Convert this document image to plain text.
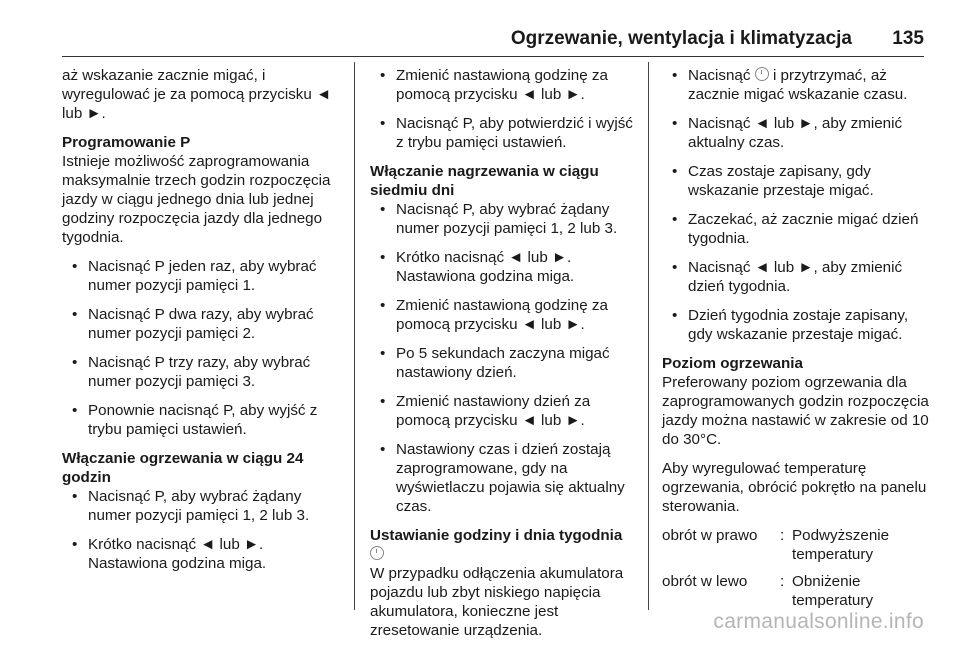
Ogrzewanie, wentylacja i klimatyzacja 135

aż wskazanie zacznie migać, i wyregulować je za pomocą przycisku ◄ lub ►.

Programowanie P

Istnieje możliwość zaprogramowania maksymalnie trzech godzin rozpoczęcia jazdy w ciągu jednego dnia lub jednej godziny rozpoczęcia jazdy dla jednego tygodnia.

• Nacisnąć P jeden raz, aby wybrać numer pozycji pamięci 1.
• Nacisnąć P dwa razy, aby wybrać numer pozycji pamięci 2.
• Nacisnąć P trzy razy, aby wybrać numer pozycji pamięci 3.
• Ponownie nacisnąć P, aby wyjść z trybu pamięci ustawień.
Włączanie ogrzewania w ciągu 24 godzin
• Nacisnąć P, aby wybrać żądany numer pozycji pamięci 1, 2 lub 3.
• Krótko nacisnąć ◄ lub ►. Nastawiona godzina miga.
• Zmienić nastawioną godzinę za pomocą przycisku ◄ lub ►.
• Nacisnąć P, aby potwierdzić i wyjść z trybu pamięci ustawień.
Włączanie nagrzewania w ciągu siedmiu dni
• Nacisnąć P, aby wybrać żądany numer pozycji pamięci 1, 2 lub 3.
• Krótko nacisnąć ◄ lub ►. Nastawiona godzina miga.
• Zmienić nastawioną godzinę za pomocą przycisku ◄ lub ►.
• Po 5 sekundach zaczyna migać nastawiony dzień.
• Zmienić nastawiony dzień za pomocą przycisku ◄ lub ►.
• Nastawiony czas i dzień zostają zaprogramowane, gdy na wyświetlaczu pojawia się aktualny czas.
Ustawianie godziny i dnia tygodnia

W przypadku odłączenia akumulatora pojazdu lub zbyt niskiego napięcia akumulatora, konieczne jest zresetowanie urządzenia.

• Nacisnąć i przytrzymać, aż zacznie migać wskazanie czasu.
• Nacisnąć ◄ lub ►, aby zmienić aktualny czas.
• Czas zostaje zapisany, gdy wskazanie przestaje migać.
• Zaczekać, aż zacznie migać dzień tygodnia.
• Nacisnąć ◄ lub ►, aby zmienić dzień tygodnia.
• Dzień tygodnia zostaje zapisany, gdy wskazanie przestaje migać.
Poziom ogrzewania

Preferowany poziom ogrzewania dla zaprogramowanych godzin rozpoczęcia jazdy można nastawić w zakresie od 10 do 30°C.

Aby wyregulować temperaturę ogrzewania, obrócić pokrętło na panelu sterowania.

obrót w prawo	: Podwyższenie temperatury
obrót w lewo	: Obniżenie temperatury
carmanualsonline.info
